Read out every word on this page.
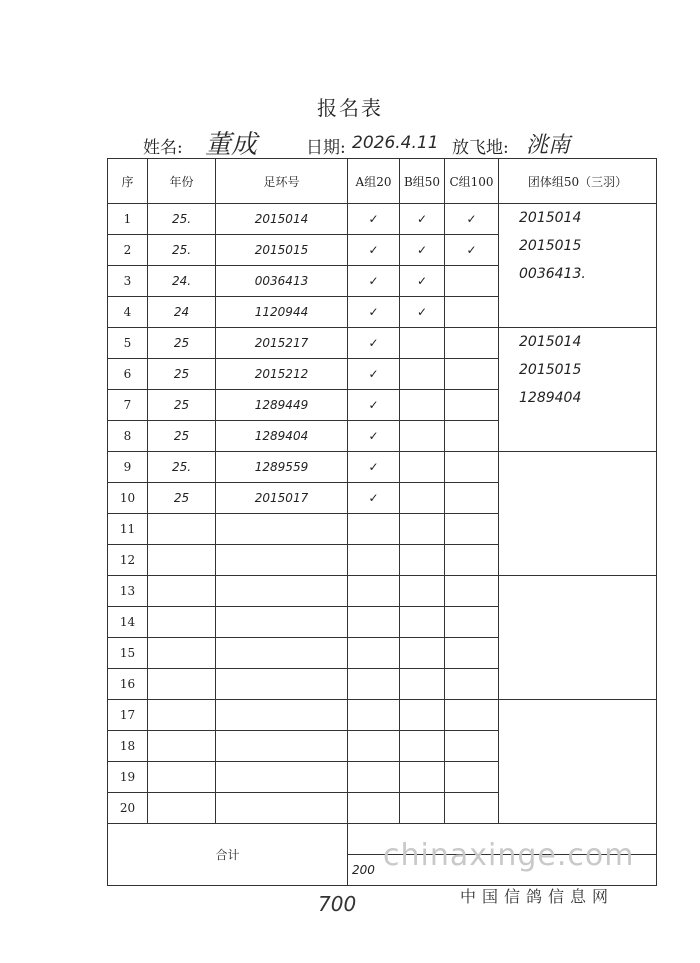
报名表
姓名: 董成	日期: 2026.4.11 放飞地: 洮南
序	年份	足环号	A组20	B组50	C组100	团体组50（三羽）
1	25.	2015014	✓	✓	✓	2015014
2015015
0036413.

2	25.	2015015	✓	✓	✓	
3	24.	0036413	✓	✓		
4	24	1120944	✓	✓		
5	25	2015217	✓			2015014
2015015
1289404

6	25	2015212	✓			
7	25	1289449	✓			
8	25	1289404	✓			
9	25.	1289559	✓			
10	25	2015017	✓			
11						
12						
13						
14						
15						
16						
17						
18						
19						
20						
合计						
			200			chinaxinge.com
中国信鸽信息网
700
